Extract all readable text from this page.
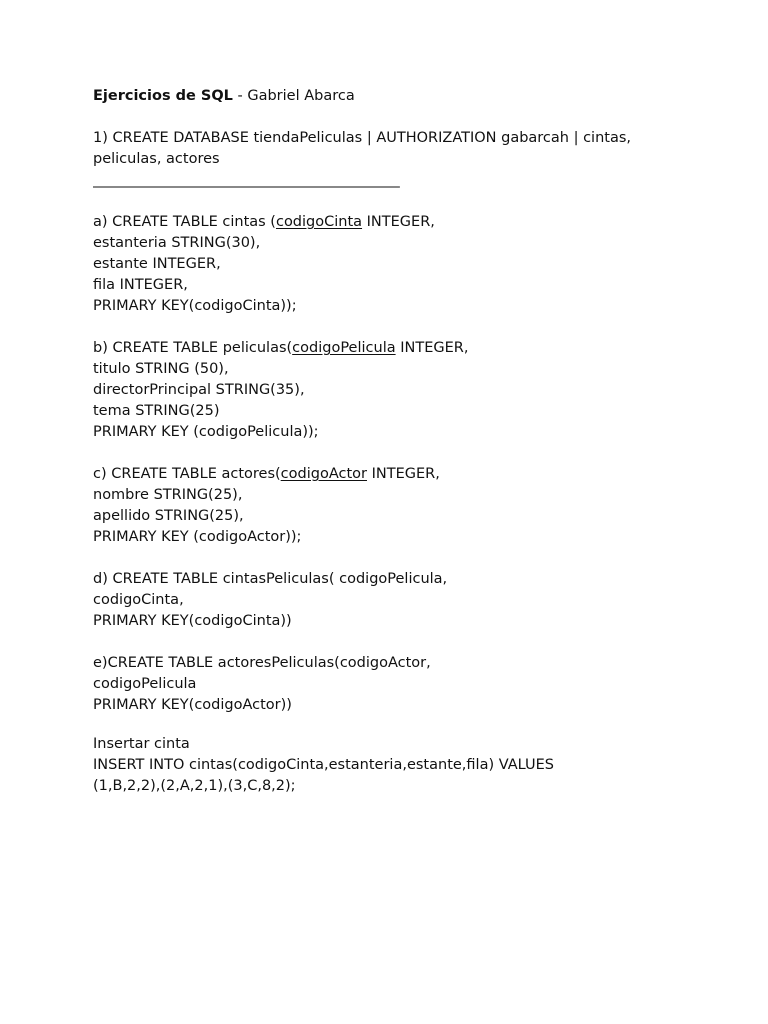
Ejercicios de SQL - Gabriel Abarca
1) CREATE DATABASE tiendaPeliculas | AUTHORIZATION gabarcah | cintas,
peliculas, actores
______________________________________________________
a) CREATE TABLE cintas (codigoCinta INTEGER,
estanteria STRING(30),
estante INTEGER,
fila INTEGER,
PRIMARY KEY(codigoCinta));
b) CREATE TABLE peliculas(codigoPelicula INTEGER,
titulo STRING (50),
directorPrincipal STRING(35),
tema STRING(25)
PRIMARY KEY (codigoPelicula));
c) CREATE TABLE actores(codigoActor INTEGER,
nombre STRING(25),
apellido STRING(25),
PRIMARY KEY (codigoActor));
d) CREATE TABLE cintasPeliculas( codigoPelicula,
codigoCinta,
PRIMARY KEY(codigoCinta))
e)CREATE TABLE actoresPeliculas(codigoActor,
codigoPelicula
PRIMARY KEY(codigoActor))
Insertar cinta
INSERT INTO cintas(codigoCinta,estanteria,estante,fila) VALUES
(1,B,2,2),(2,A,2,1),(3,C,8,2);
